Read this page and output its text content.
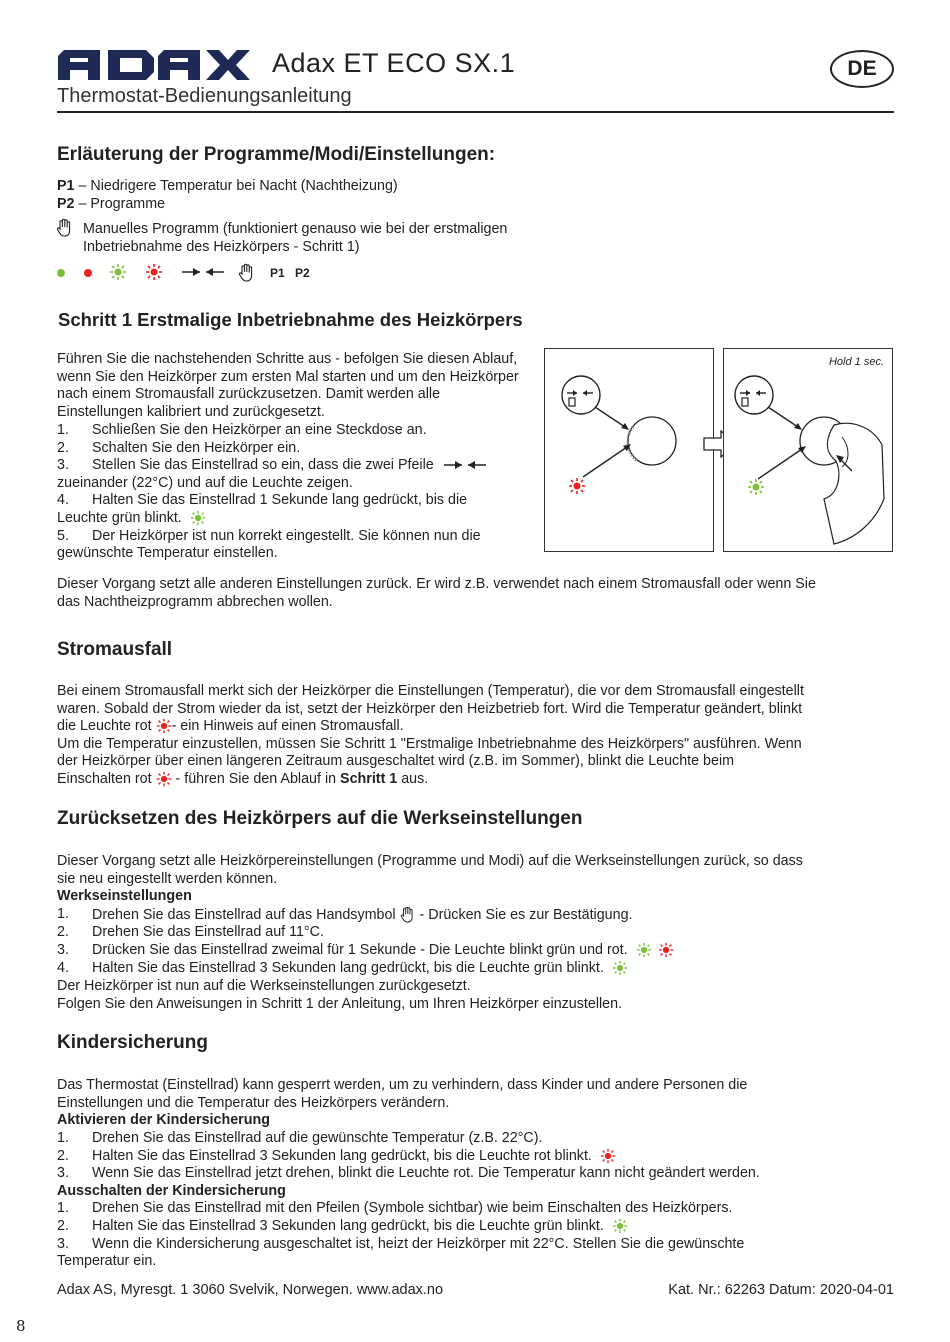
Adax ET ECO SX.1
Thermostat-Bedienungsanleitung
DE
Erläuterung der Programme/Modi/Einstellungen:
P1 – Niedrigere Temperatur bei Nacht (Nachtheizung)
P2 – Programme
Manuelles Programm (funktioniert genauso wie bei der erstmaligen
Inbetriebnahme des Heizkörpers - Schritt 1)
P1 P2
Schritt 1 Erstmalige Inbetriebnahme des Heizkörpers
Führen Sie die nachstehenden Schritte aus - befolgen Sie diesen Ablauf, wenn Sie den Heizkörper zum ersten Mal starten und um den Heizkörper nach einem Stromausfall zurückzusetzen. Damit werden alle Einstellungen kalibriert und zurückgesetzt.
1. Schließen Sie den Heizkörper an eine Steckdose an.
2. Schalten Sie den Heizkörper ein.
3. Stellen Sie das Einstellrad so ein, dass die zwei Pfeile
zueinander (22°C) und auf die Leuchte zeigen.
4. Halten Sie das Einstellrad 1 Sekunde lang gedrückt, bis die
Leuchte grün blinkt.
5. Der Heizkörper ist nun korrekt eingestellt. Sie können nun die
gewünschte Temperatur einstellen.
Hold 1 sec.
Dieser Vorgang setzt alle anderen Einstellungen zurück. Er wird z.B. verwendet nach einem Stromausfall oder wenn Sie das Nachtheizprogramm abbrechen wollen.
Stromausfall
Bei einem Stromausfall merkt sich der Heizkörper die Einstellungen (Temperatur), die vor dem Stromausfall eingestellt
waren. Sobald der Strom wieder da ist, setzt der Heizkörper den Heizbetrieb fort. Wird die Temperatur geändert, blinkt
die Leuchte rot - ein Hinweis auf einen Stromausfall.
Um die Temperatur einzustellen, müssen Sie Schritt 1 "Erstmalige Inbetriebnahme des Heizkörpers" ausführen. Wenn
der Heizkörper über einen längeren Zeitraum ausgeschaltet wird (z.B. im Sommer), blinkt die Leuchte beim
Einschalten rot  - führen Sie den Ablauf in Schritt 1 aus.
Zurücksetzen des Heizkörpers auf die Werkseinstellungen
Dieser Vorgang setzt alle Heizkörpereinstellungen (Programme und Modi) auf die Werkseinstellungen zurück, so dass
sie neu eingestellt werden können.
Werkseinstellungen
1. Drehen Sie das Einstellrad auf das Handsymbol  - Drücken Sie es zur Bestätigung.
2. Drehen Sie das Einstellrad auf 11°C.
3. Drücken Sie das Einstellrad zweimal für 1 Sekunde - Die Leuchte blinkt grün und rot.
4. Halten Sie das Einstellrad 3 Sekunden lang gedrückt, bis die Leuchte grün blinkt.
Der Heizkörper ist nun auf die Werkseinstellungen zurückgesetzt.
Folgen Sie den Anweisungen in Schritt 1 der Anleitung, um Ihren Heizkörper einzustellen.
Kindersicherung
Das Thermostat (Einstellrad) kann gesperrt werden, um zu verhindern, dass Kinder und andere Personen die
Einstellungen und die Temperatur des Heizkörpers verändern.
Aktivieren der Kindersicherung
1. Drehen Sie das Einstellrad auf die gewünschte Temperatur (z.B. 22°C).
2. Halten Sie das Einstellrad 3 Sekunden lang gedrückt, bis die Leuchte rot blinkt.
3. Wenn Sie das Einstellrad jetzt drehen, blinkt die Leuchte rot. Die Temperatur kann nicht geändert werden.
Ausschalten der Kindersicherung
1. Drehen Sie das Einstellrad mit den Pfeilen (Symbole sichtbar) wie beim Einschalten des Heizkörpers.
2. Halten Sie das Einstellrad 3 Sekunden lang gedrückt, bis die Leuchte grün blinkt.
3. Wenn die Kindersicherung ausgeschaltet ist, heizt der Heizkörper mit 22°C. Stellen Sie die gewünschte
Temperatur ein.
Adax AS, Myresgt. 1 3060 Svelvik, Norwegen. www.adax.no	Kat. Nr.: 62263 Datum: 2020-04-01
8
